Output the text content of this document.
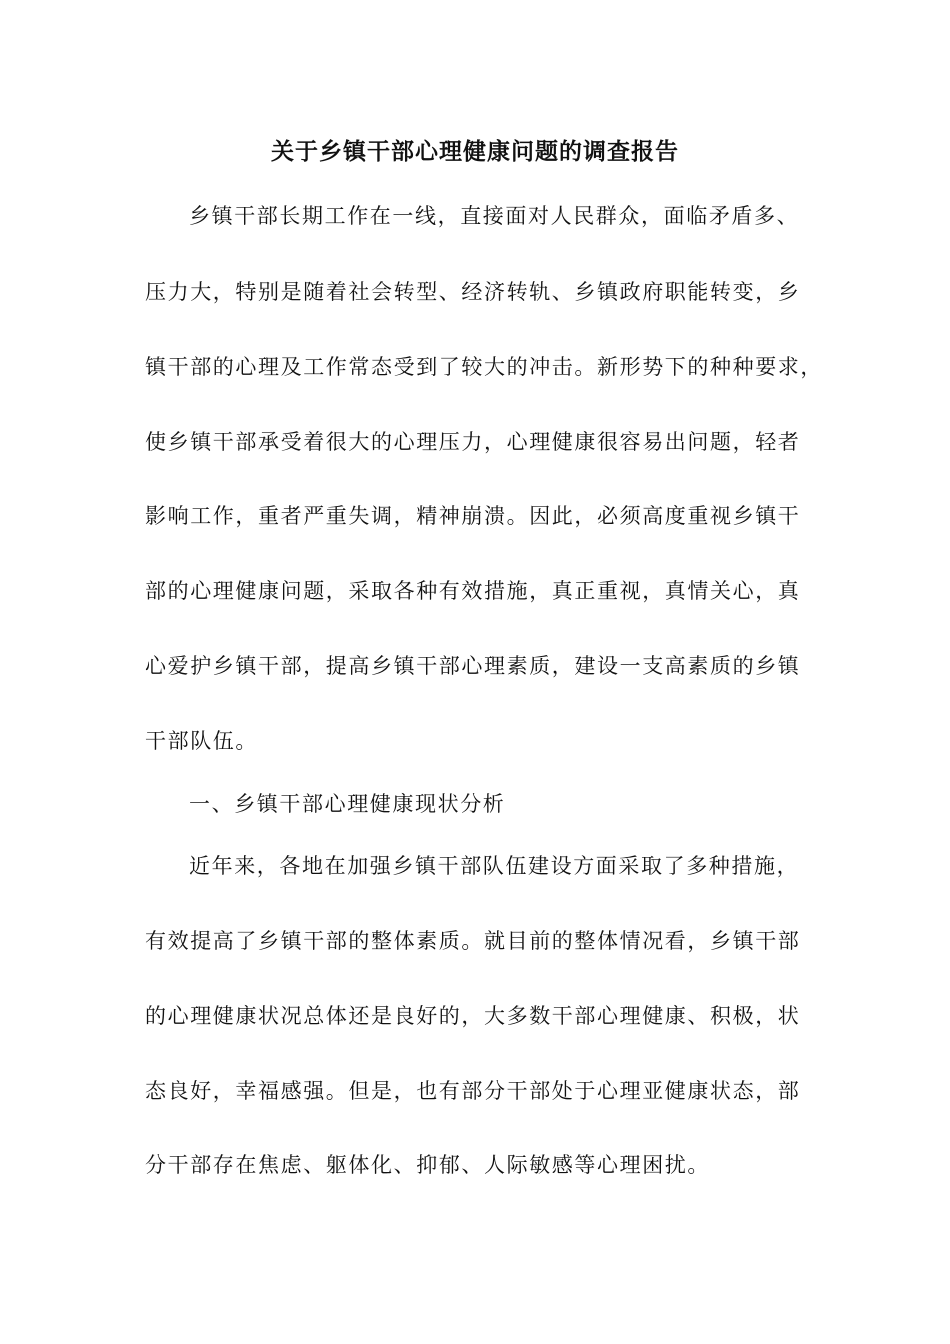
关于乡镇干部心理健康问题的调查报告
乡镇干部长期工作在一线，直接面对人民群众，面临矛盾多、
压力大，特别是随着社会转型、经济转轨、乡镇政府职能转变，乡
镇干部的心理及工作常态受到了较大的冲击。新形势下的种种要求，
使乡镇干部承受着很大的心理压力，心理健康很容易出问题，轻者
影响工作，重者严重失调，精神崩溃。因此，必须高度重视乡镇干
部的心理健康问题，采取各种有效措施，真正重视，真情关心，真
心爱护乡镇干部，提高乡镇干部心理素质，建设一支高素质的乡镇
干部队伍。
一、乡镇干部心理健康现状分析
近年来，各地在加强乡镇干部队伍建设方面采取了多种措施，
有效提高了乡镇干部的整体素质。就目前的整体情况看，乡镇干部
的心理健康状况总体还是良好的，大多数干部心理健康、积极，状
态良好，幸福感强。但是，也有部分干部处于心理亚健康状态，部
分干部存在焦虑、躯体化、抑郁、人际敏感等心理困扰。
